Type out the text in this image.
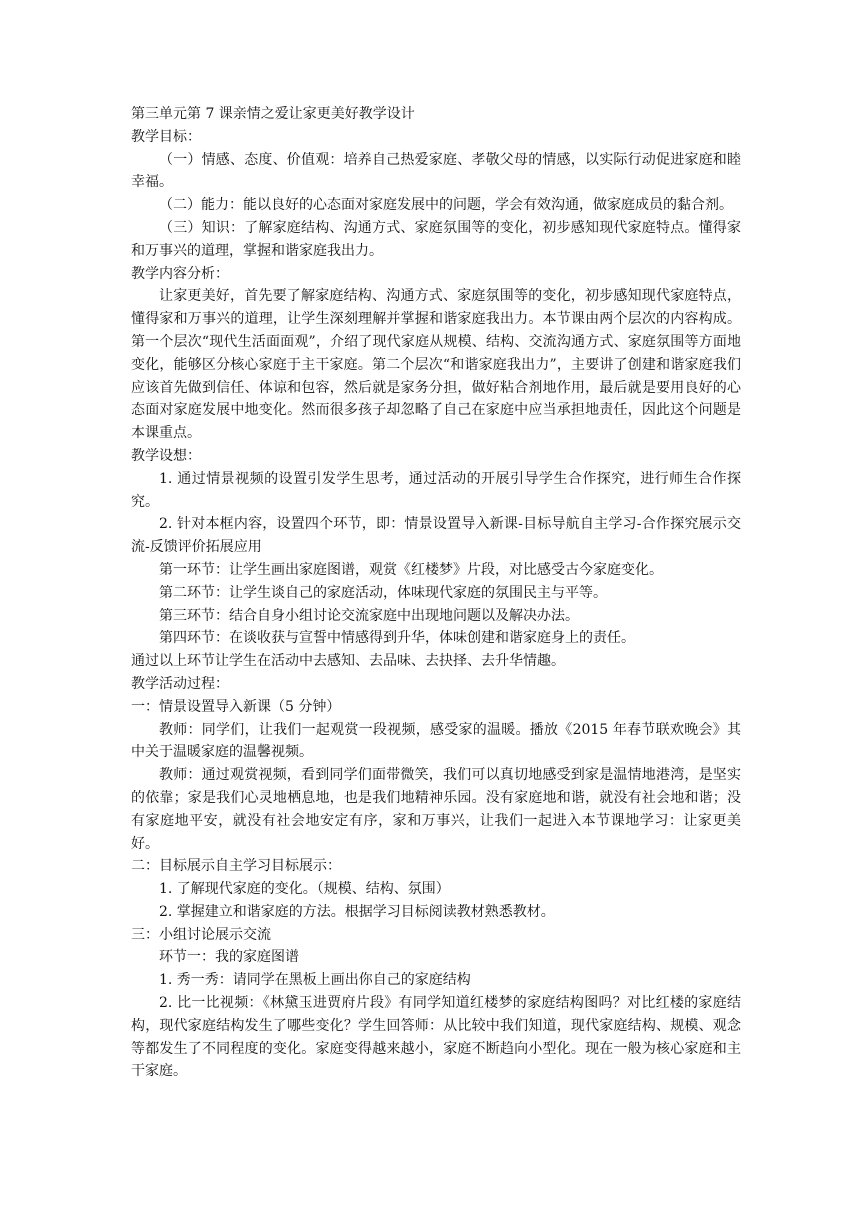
第三单元第 7 课亲情之爱让家更美好教学设计

教学目标：

（一）情感、态度、价值观：培养自己热爱家庭、孝敬父母的情感，以实际行动促进家庭和睦幸福。

（二）能力：能以良好的心态面对家庭发展中的问题，学会有效沟通，做家庭成员的黏合剂。

（三）知识：了解家庭结构、沟通方式、家庭氛围等的变化，初步感知现代家庭特点。懂得家和万事兴的道理，掌握和谐家庭我出力。

教学内容分析：

让家更美好，首先要了解家庭结构、沟通方式、家庭氛围等的变化，初步感知现代家庭特点，懂得家和万事兴的道理，让学生深刻理解并掌握和谐家庭我出力。本节课由两个层次的内容构成。第一个层次“现代生活面面观”，介绍了现代家庭从规模、结构、交流沟通方式、家庭氛围等方面地变化，能够区分核心家庭于主干家庭。第二个层次“和谐家庭我出力”，主要讲了创建和谐家庭我们应该首先做到信任、体谅和包容，然后就是家务分担，做好粘合剂地作用，最后就是要用良好的心态面对家庭发展中地变化。然而很多孩子却忽略了自己在家庭中应当承担地责任，因此这个问题是本课重点。

教学设想：

1. 通过情景视频的设置引发学生思考，通过活动的开展引导学生合作探究，进行师生合作探究。

2. 针对本框内容，设置四个环节，即：情景设置导入新课-目标导航自主学习-合作探究展示交流-反馈评价拓展应用

第一环节：让学生画出家庭图谱，观赏《红楼梦》片段，对比感受古今家庭变化。

第二环节：让学生谈自己的家庭活动，体味现代家庭的氛围民主与平等。

第三环节：结合自身小组讨论交流家庭中出现地问题以及解决办法。

第四环节：在谈收获与宣誓中情感得到升华，体味创建和谐家庭身上的责任。

通过以上环节让学生在活动中去感知、去品味、去抉择、去升华情趣。

教学活动过程：

一：情景设置导入新课（5 分钟）

教师：同学们，让我们一起观赏一段视频，感受家的温暖。播放《2015 年春节联欢晚会》其中关于温暖家庭的温馨视频。

教师：通过观赏视频，看到同学们面带微笑，我们可以真切地感受到家是温情地港湾，是坚实的依靠；家是我们心灵地栖息地，也是我们地精神乐园。没有家庭地和谐，就没有社会地和谐；没有家庭地平安，就没有社会地安定有序，家和万事兴，让我们一起进入本节课地学习：让家更美好。

二：目标展示自主学习目标展示：

1. 了解现代家庭的变化。（规模、结构、氛围）

2. 掌握建立和谐家庭的方法。根据学习目标阅读教材熟悉教材。

三：小组讨论展示交流

环节一：我的家庭图谱

1. 秀一秀：请同学在黑板上画出你自己的家庭结构

2. 比一比视频：《林黛玉进贾府片段》有同学知道红楼梦的家庭结构图吗？对比红楼的家庭结构，现代家庭结构发生了哪些变化？学生回答师：从比较中我们知道，现代家庭结构、规模、观念等都发生了不同程度的变化。家庭变得越来越小，家庭不断趋向小型化。现在一般为核心家庭和主干家庭。
